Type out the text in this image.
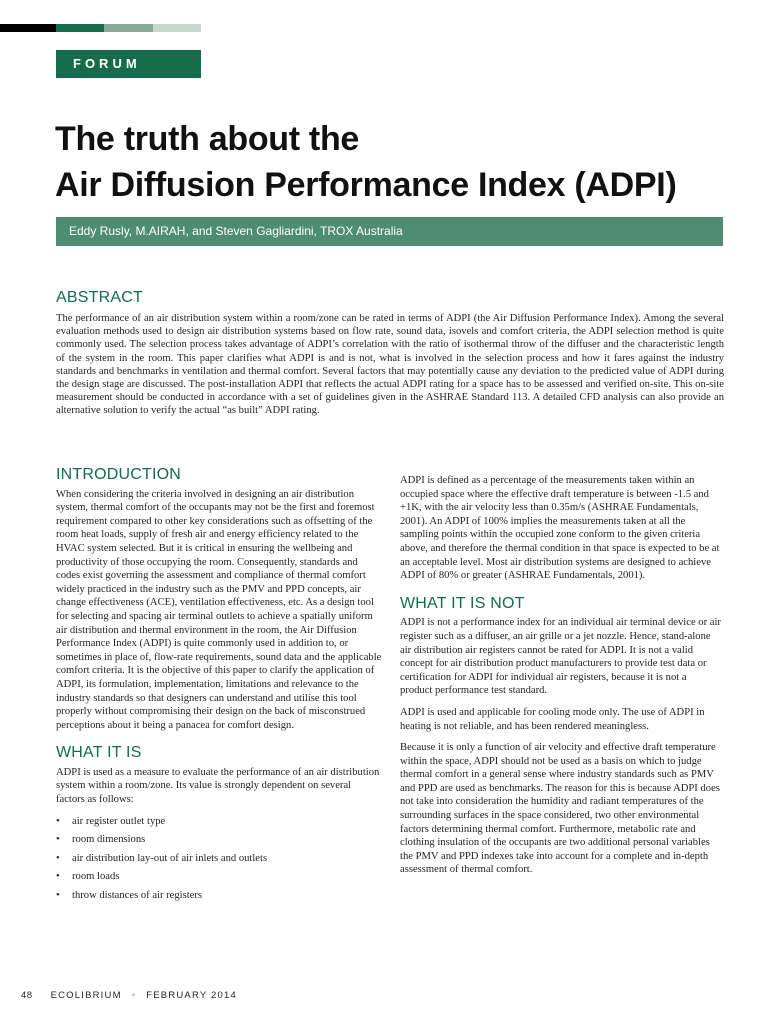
FORUM
The truth about the
Air Diffusion Performance Index (ADPI)
Eddy Rusly, M.AIRAH, and Steven Gagliardini, TROX Australia
ABSTRACT

The performance of an air distribution system within a room/zone can be rated in terms of ADPI (the Air Diffusion Performance Index). Among the several evaluation methods used to design air distribution systems based on flow rate, sound data, isovels and comfort criteria, the ADPI selection method is quite commonly used. The selection process takes advantage of ADPI’s correlation with the ratio of isothermal throw of the diffuser and the characteristic length of the system in the room. This paper clarifies what ADPI is and is not, what is involved in the selection process and how it fares against the industry standards and benchmarks in ventilation and thermal comfort. Several factors that may potentially cause any deviation to the predicted value of ADPI during the design stage are discussed. The post-installation ADPI that reflects the actual ADPI rating for a space has to be assessed and verified on-site. This on-site measurement should be conducted in accordance with a set of guidelines given in the ASHRAE Standard 113. A detailed CFD analysis can also provide an alternative solution to verify the actual “as built” ADPI rating.

INTRODUCTION

When considering the criteria involved in designing an air distribution system, thermal comfort of the occupants may not be the first and foremost requirement compared to other key considerations such as offsetting of the room heat loads, supply of fresh air and energy efficiency related to the HVAC system selected. But it is critical in ensuring the wellbeing and productivity of those occupying the room. Consequently, standards and codes exist governing the assessment and compliance of thermal comfort widely practiced in the industry such as the PMV and PPD concepts, air change effectiveness (ACE), ventilation effectiveness, etc. As a design tool for selecting and spacing air terminal outlets to achieve a spatially uniform air distribution and thermal environment in the room, the Air Diffusion Performance Index (ADPI) is quite commonly used in addition to, or sometimes in place of, flow-rate requirements, sound data and the applicable comfort criteria. It is the objective of this paper to clarify the application of ADPI, its formulation, implementation, limitations and relevance to the industry standards so that designers can understand and utilise this tool properly without compromising their design on the back of misconstrued perceptions about it being a panacea for comfort design.

WHAT IT IS

ADPI is used as a measure to evaluate the performance of an air distribution system within a room/zone. Its value is strongly dependent on several factors as follows:

• air register outlet type
• room dimensions
• air distribution lay-out of air inlets and outlets
• room loads
• throw distances of air registers

ADPI is defined as a percentage of the measurements taken within an occupied space where the effective draft temperature is between -1.5 and +1K, with the air velocity less than 0.35m/s (ASHRAE Fundamentals, 2001). An ADPI of 100% implies the measurements taken at all the sampling points within the occupied zone conform to the given criteria above, and therefore the thermal condition in that space is expected to be at an acceptable level. Most air distribution systems are designed to achieve ADPI of 80% or greater (ASHRAE Fundamentals, 2001).

WHAT IT IS NOT

ADPI is not a performance index for an individual air terminal device or air register such as a diffuser, an air grille or a jet nozzle. Hence, stand-alone air distribution air registers cannot be rated for ADPI. It is not a valid concept for air distribution product manufacturers to provide test data or certification for ADPI for individual air registers, because it is not a product performance test standard.

ADPI is used and applicable for cooling mode only. The use of ADPI in heating is not reliable, and has been rendered meaningless.

Because it is only a function of air velocity and effective draft temperature within the space, ADPI should not be used as a basis on which to judge thermal comfort in a general sense where industry standards such as PMV and PPD are used as benchmarks. The reason for this is because ADPI does not take into consideration the humidity and radiant temperatures of the surrounding surfaces in the space considered, two other environmental factors determining thermal comfort. Furthermore, metabolic rate and clothing insulation of the occupants are two additional personal variables the PMV and PPD indexes take into account for a complete and in-depth assessment of thermal comfort.

48 ECOLIBRIUM • FEBRUARY 2014
